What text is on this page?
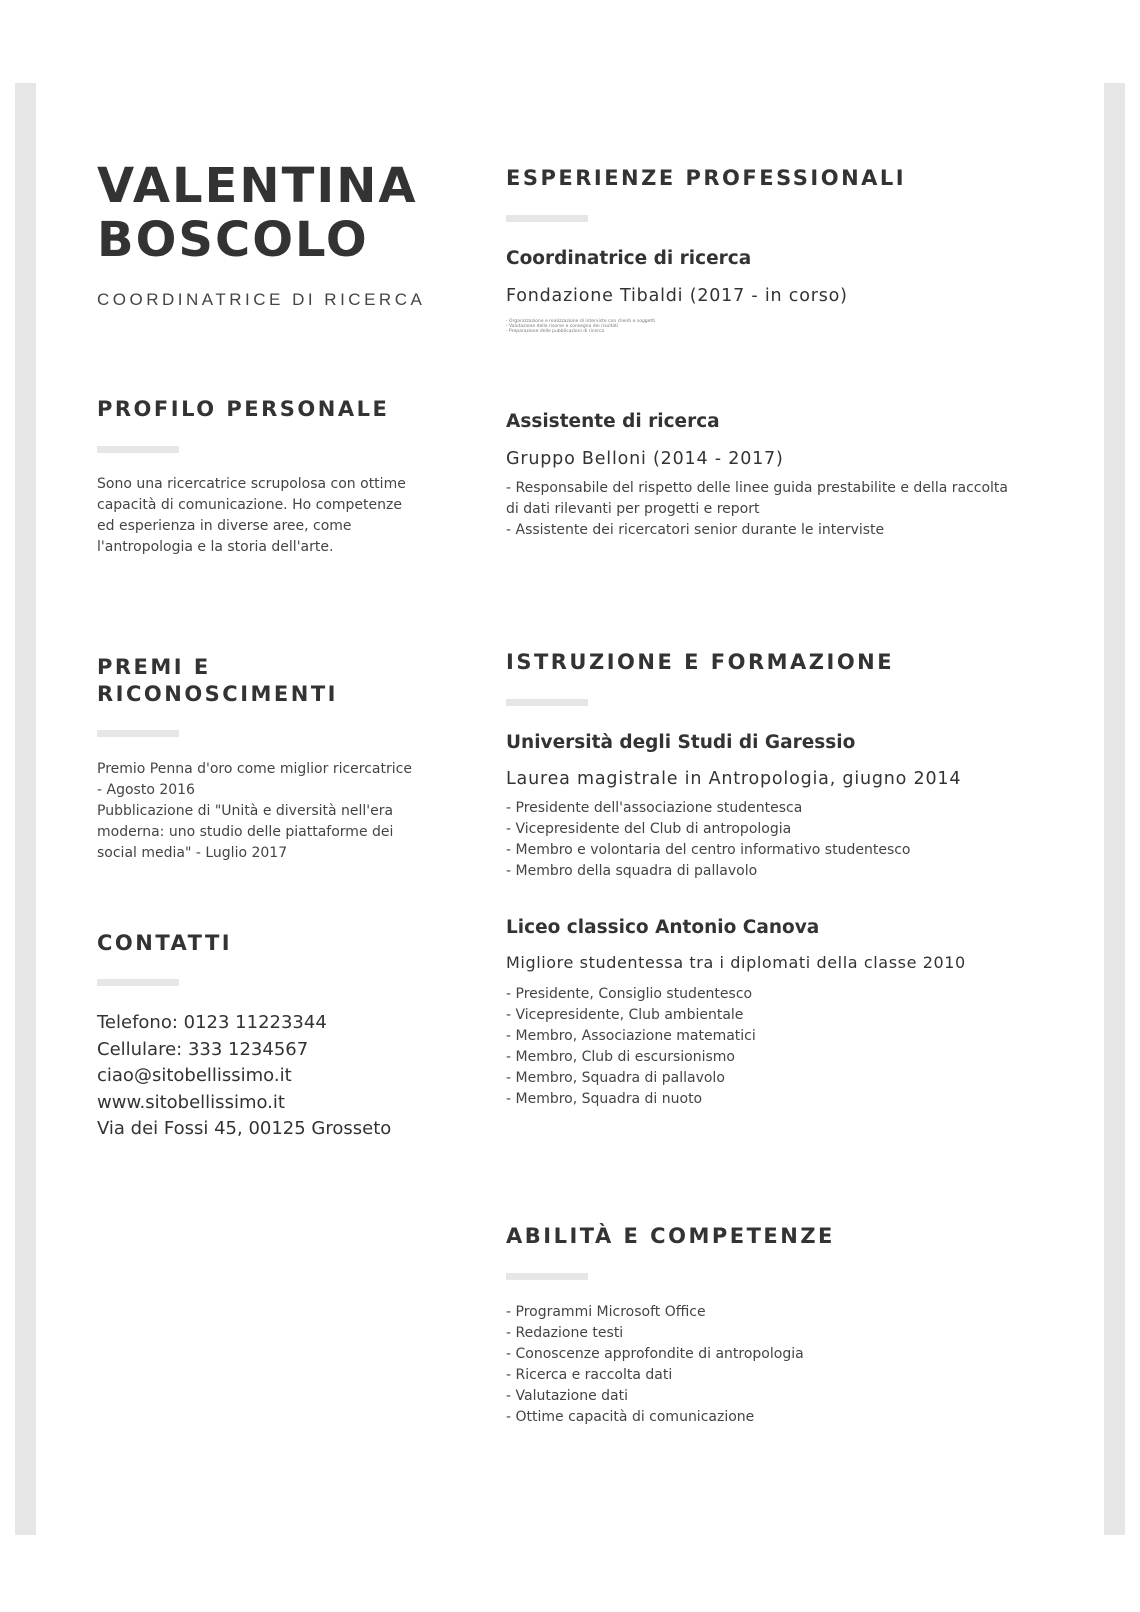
VALENTINA
BOSCOLO
COORDINATRICE DI RICERCA
PROFILO PERSONALE
Sono una ricercatrice scrupolosa con ottime
capacità di comunicazione. Ho competenze
ed esperienza in diverse aree, come
l'antropologia e la storia dell'arte.
PREMI E
RICONOSCIMENTI
Premio Penna d'oro come miglior ricercatrice
- Agosto 2016
Pubblicazione di "Unità e diversità nell'era
moderna: uno studio delle piattaforme dei
social media" - Luglio 2017
CONTATTI
Telefono: 0123 11223344
Cellulare: 333 1234567
ciao@sitobellissimo.it
www.sitobellissimo.it
Via dei Fossi 45, 00125 Grosseto
ESPERIENZE PROFESSIONALI
Coordinatrice di ricerca
Fondazione Tibaldi (2017 - in corso)
- Organizzazione e realizzazione di interviste con clienti e soggetti
- Valutazione delle risorse e consegna dei risultati
- Preparazione delle pubblicazioni di ricerca
Assistente di ricerca
Gruppo Belloni (2014 - 2017)
- Responsabile del rispetto delle linee guida prestabilite e della raccolta
di dati rilevanti per progetti e report
- Assistente dei ricercatori senior durante le interviste
ISTRUZIONE E FORMAZIONE
Università degli Studi di Garessio
Laurea magistrale in Antropologia, giugno 2014
- Presidente dell'associazione studentesca
- Vicepresidente del Club di antropologia
- Membro e volontaria del centro informativo studentesco
- Membro della squadra di pallavolo
Liceo classico Antonio Canova
Migliore studentessa tra i diplomati della classe 2010
- Presidente, Consiglio studentesco
- Vicepresidente, Club ambientale
- Membro, Associazione matematici
- Membro, Club di escursionismo
- Membro, Squadra di pallavolo
- Membro, Squadra di nuoto
ABILITÀ E COMPETENZE
- Programmi Microsoft Office
- Redazione testi
- Conoscenze approfondite di antropologia
- Ricerca e raccolta dati
- Valutazione dati
- Ottime capacità di comunicazione
